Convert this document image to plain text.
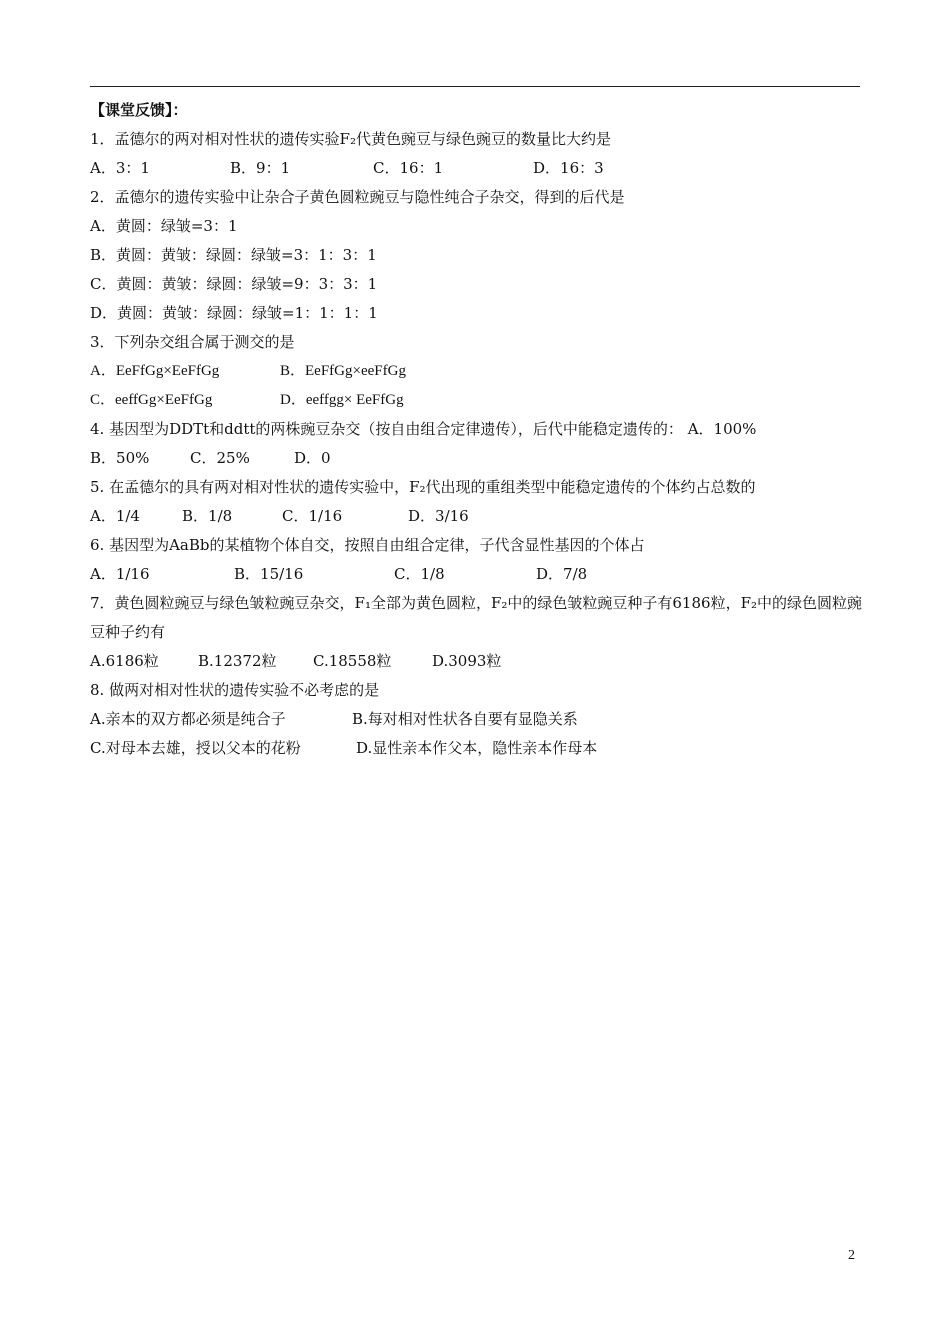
【课堂反馈】：
1．孟德尔的两对相对性状的遗传实验F₂代黄色豌豆与绿色豌豆的数量比大约是
A．3：1	B．9：1	C．16：1	D．16：3
2．孟德尔的遗传实验中让杂合子黄色圆粒豌豆与隐性纯合子杂交，得到的后代是
A．黄圆：绿皱=3：1
B．黄圆：黄皱：绿圆：绿皱=3：1：3：1
C．黄圆：黄皱：绿圆：绿皱=9：3：3：1
D．黄圆：黄皱：绿圆：绿皱=1：1：1：1
3．下列杂交组合属于测交的是
A．EeFfGg×EeFfGg	B．EeFfGg×eeFfGg
C．eeffGg×EeFfGg	D．eeffgg× EeFfGg
4. 基因型为DDTt和ddtt的两株豌豆杂交（按自由组合定律遗传），后代中能稳定遗传的： A．100%
B．50%	C．25%	D．0
5. 在孟德尔的具有两对相对性状的遗传实验中，F₂代出现的重组类型中能稳定遗传的个体约占总数的
A．1/4	B．1/8	C．1/16	D．3/16
6. 基因型为AaBb的某植物个体自交，按照自由组合定律，子代含显性基因的个体占
A．1/16	B．15/16	C．1/8	D．7/8
7．黄色圆粒豌豆与绿色皱粒豌豆杂交，F₁全部为黄色圆粒，F₂中的绿色皱粒豌豆种子有6186粒，F₂中的绿色圆粒豌豆种子约有
A.6186粒	B.12372粒 C.18558粒	D.3093粒
8. 做两对相对性状的遗传实验不必考虑的是
A.亲本的双方都必须是纯合子	B.每对相对性状各自要有显隐关系
C.对母本去雄，授以父本的花粉	D.显性亲本作父本，隐性亲本作母本
2
